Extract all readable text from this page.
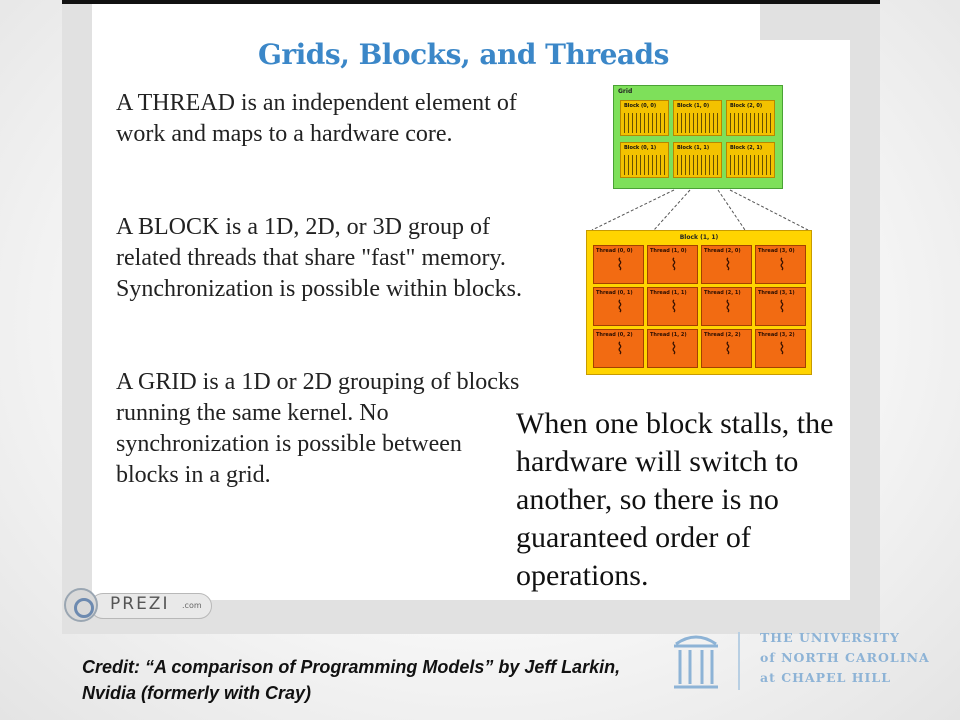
Grids, Blocks, and Threads
A THREAD is an independent element of work and maps to a hardware core.
A BLOCK is a 1D, 2D, or 3D group of related threads that share "fast" memory. Synchronization is possible within blocks.
A GRID is a 1D or 2D grouping of blocks running the same kernel. No synchronization is possible between blocks in a grid.
When one block stalls, the hardware will switch to another, so there is no guaranteed order of operations.
Grid
Block (0, 0)	Block (1, 0)	Block (2, 0)
Block (0, 1)	Block (1, 1)	Block (2, 1)
Block (1, 1)
Thread (0, 0)
⌇
Thread (1, 0)
⌇
Thread (2, 0)
⌇
Thread (3, 0)
⌇
Thread (0, 1)
⌇
Thread (1, 1)
⌇
Thread (2, 1)
⌇
Thread (3, 1)
⌇
Thread (0, 2)
⌇
Thread (1, 2)
⌇
Thread (2, 2)
⌇
Thread (3, 2)
⌇
PREZI .com
Credit: “A comparison of Programming Models” by Jeff Larkin, Nvidia (formerly with Cray)
THE UNIVERSITY
of NORTH CAROLINA
at CHAPEL HILL
